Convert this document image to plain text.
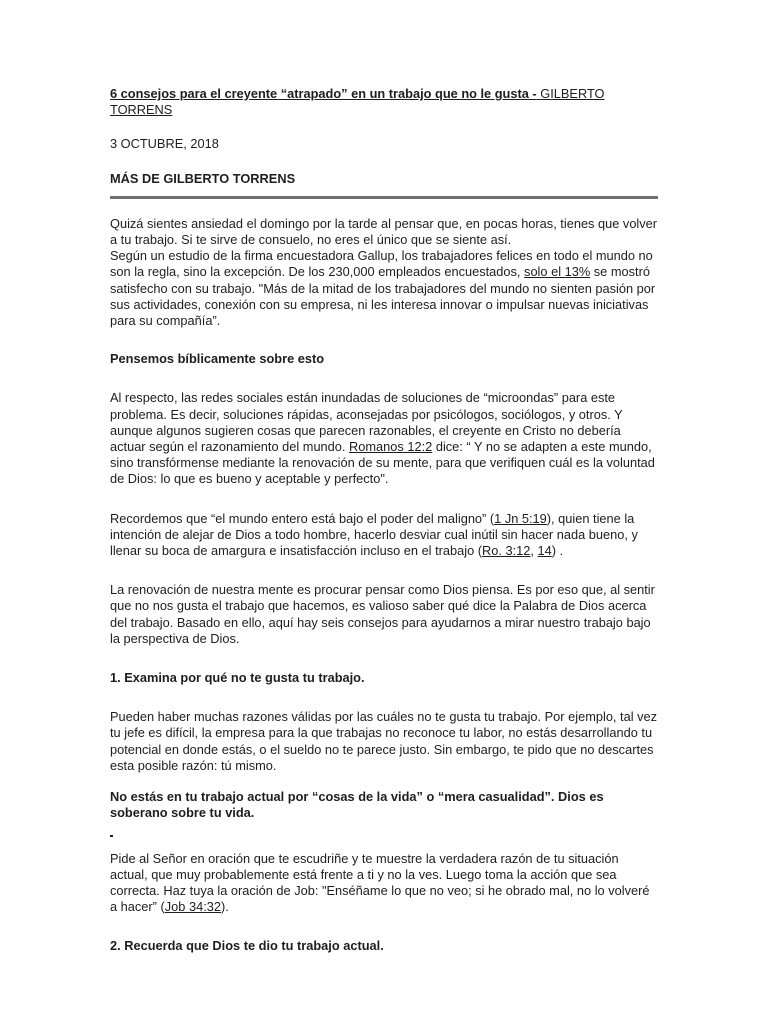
6 consejos para el creyente “atrapado” en un trabajo que no le gusta - GILBERTO TORRENS

3 OCTUBRE, 2018

MÁS DE GILBERTO TORRENS

Quizá sientes ansiedad el domingo por la tarde al pensar que, en pocas horas, tienes que volver a tu trabajo. Si te sirve de consuelo, no eres el único que se siente así.
Según un estudio de la firma encuestadora Gallup, los trabajadores felices en todo el mundo no son la regla, sino la excepción. De los 230,000 empleados encuestados, solo el 13% se mostró satisfecho con su trabajo. "Más de la mitad de los trabajadores del mundo no sienten pasión por sus actividades, conexión con su empresa, ni les interesa innovar o impulsar nuevas iniciativas para su compañía”.

Pensemos bíblicamente sobre esto

Al respecto, las redes sociales están inundadas de soluciones de “microondas” para este problema. Es decir, soluciones rápidas, aconsejadas por psicólogos, sociólogos, y otros. Y aunque algunos sugieren cosas que parecen razonables, el creyente en Cristo no debería actuar según el razonamiento del mundo. Romanos 12:2 dice: “ Y no se adapten a este mundo, sino transfórmense mediante la renovación de su mente, para que verifiquen cuál es la voluntad de Dios: lo que es bueno y aceptable y perfecto".

Recordemos que “el mundo entero está bajo el poder del maligno” (1 Jn 5:19), quien tiene la intención de alejar de Dios a todo hombre, hacerlo desviar cual inútil sin hacer nada bueno, y llenar su boca de amargura e insatisfacción incluso en el trabajo (Ro. 3:12, 14) .

La renovación de nuestra mente es procurar pensar como Dios piensa. Es por eso que, al sentir que no nos gusta el trabajo que hacemos, es valioso saber qué dice la Palabra de Dios acerca del trabajo. Basado en ello, aquí hay seis consejos para ayudarnos a mirar nuestro trabajo bajo la perspectiva de Dios.

1. Examina por qué no te gusta tu trabajo.

Pueden haber muchas razones válidas por las cuáles no te gusta tu trabajo. Por ejemplo, tal vez tu jefe es difícil, la empresa para la que trabajas no reconoce tu labor, no estás desarrollando tu potencial en donde estás, o el sueldo no te parece justo. Sin embargo, te pido que no descartes esta posible razón: tú mismo.

No estás en tu trabajo actual por “cosas de la vida” o “mera casualidad”. Dios es soberano sobre tu vida.

Pide al Señor en oración que te escudriñe y te muestre la verdadera razón de tu situación actual, que muy probablemente está frente a ti y no la ves. Luego toma la acción que sea correcta. Haz tuya la oración de Job: "Enséñame lo que no veo; si he obrado mal, no lo volveré a hacer” (Job 34:32).

2. Recuerda que Dios te dio tu trabajo actual.
